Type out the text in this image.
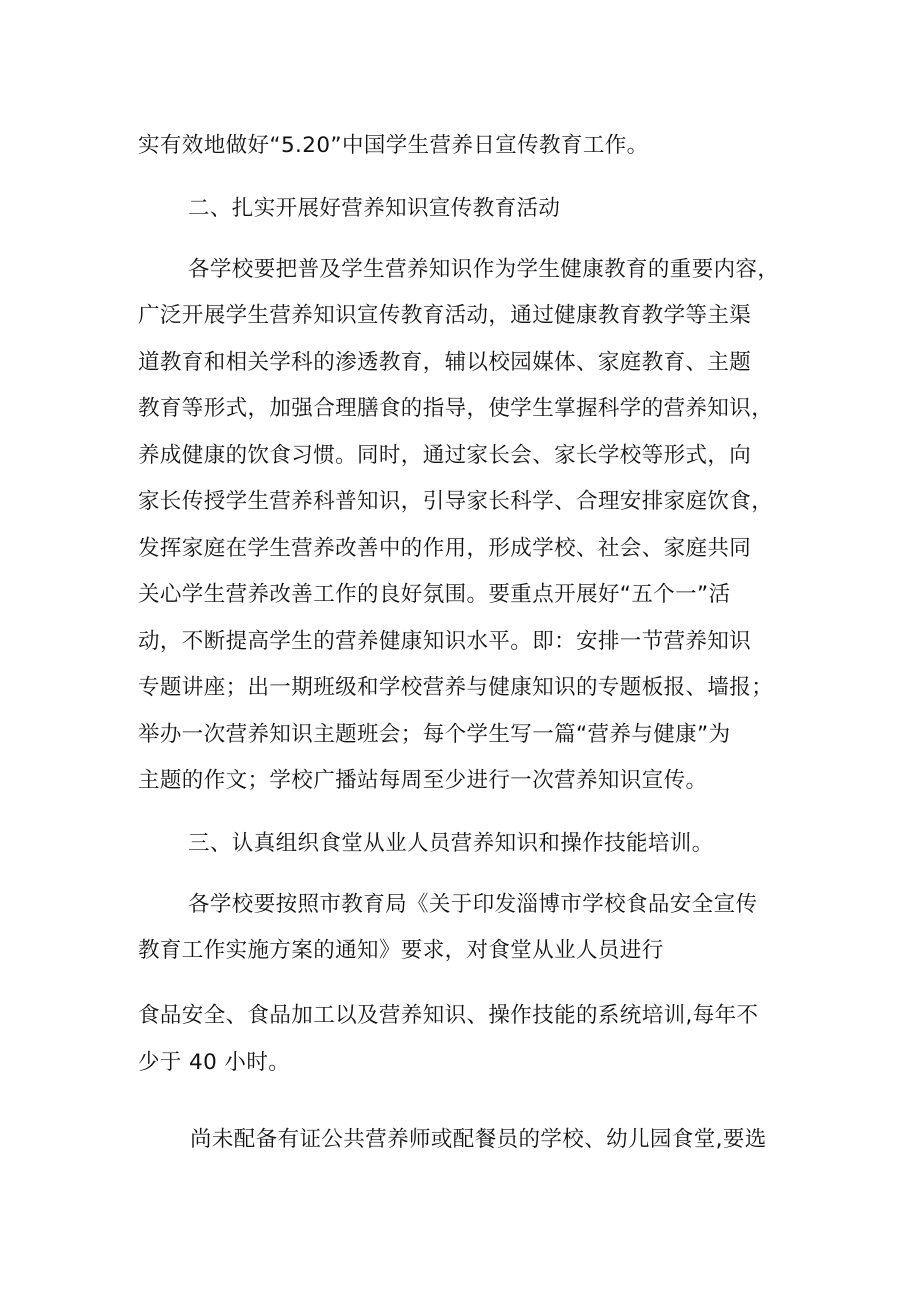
实有效地做好“5.20”中国学生营养日宣传教育工作。
二、扎实开展好营养知识宣传教育活动
各学校要把普及学生营养知识作为学生健康教育的重要内容，
广泛开展学生营养知识宣传教育活动，通过健康教育教学等主渠
道教育和相关学科的渗透教育，辅以校园媒体、家庭教育、主题
教育等形式，加强合理膳食的指导，使学生掌握科学的营养知识，
养成健康的饮食习惯。同时，通过家长会、家长学校等形式，向
家长传授学生营养科普知识，引导家长科学、合理安排家庭饮食，
发挥家庭在学生营养改善中的作用，形成学校、社会、家庭共同
关心学生营养改善工作的良好氛围。要重点开展好“五个一”活
动，不断提高学生的营养健康知识水平。即：安排一节营养知识
专题讲座；出一期班级和学校营养与健康知识的专题板报、墙报；
举办一次营养知识主题班会；每个学生写一篇“营养与健康”为
主题的作文；学校广播站每周至少进行一次营养知识宣传。
三、认真组织食堂从业人员营养知识和操作技能培训。
各学校要按照市教育局《关于印发淄博市学校食品安全宣传
教育工作实施方案的通知》要求，对食堂从业人员进行
食品安全、食品加工以及营养知识、操作技能的系统培训,每年不
少于 40 小时。
尚未配备有证公共营养师或配餐员的学校、幼儿园食堂,要选
